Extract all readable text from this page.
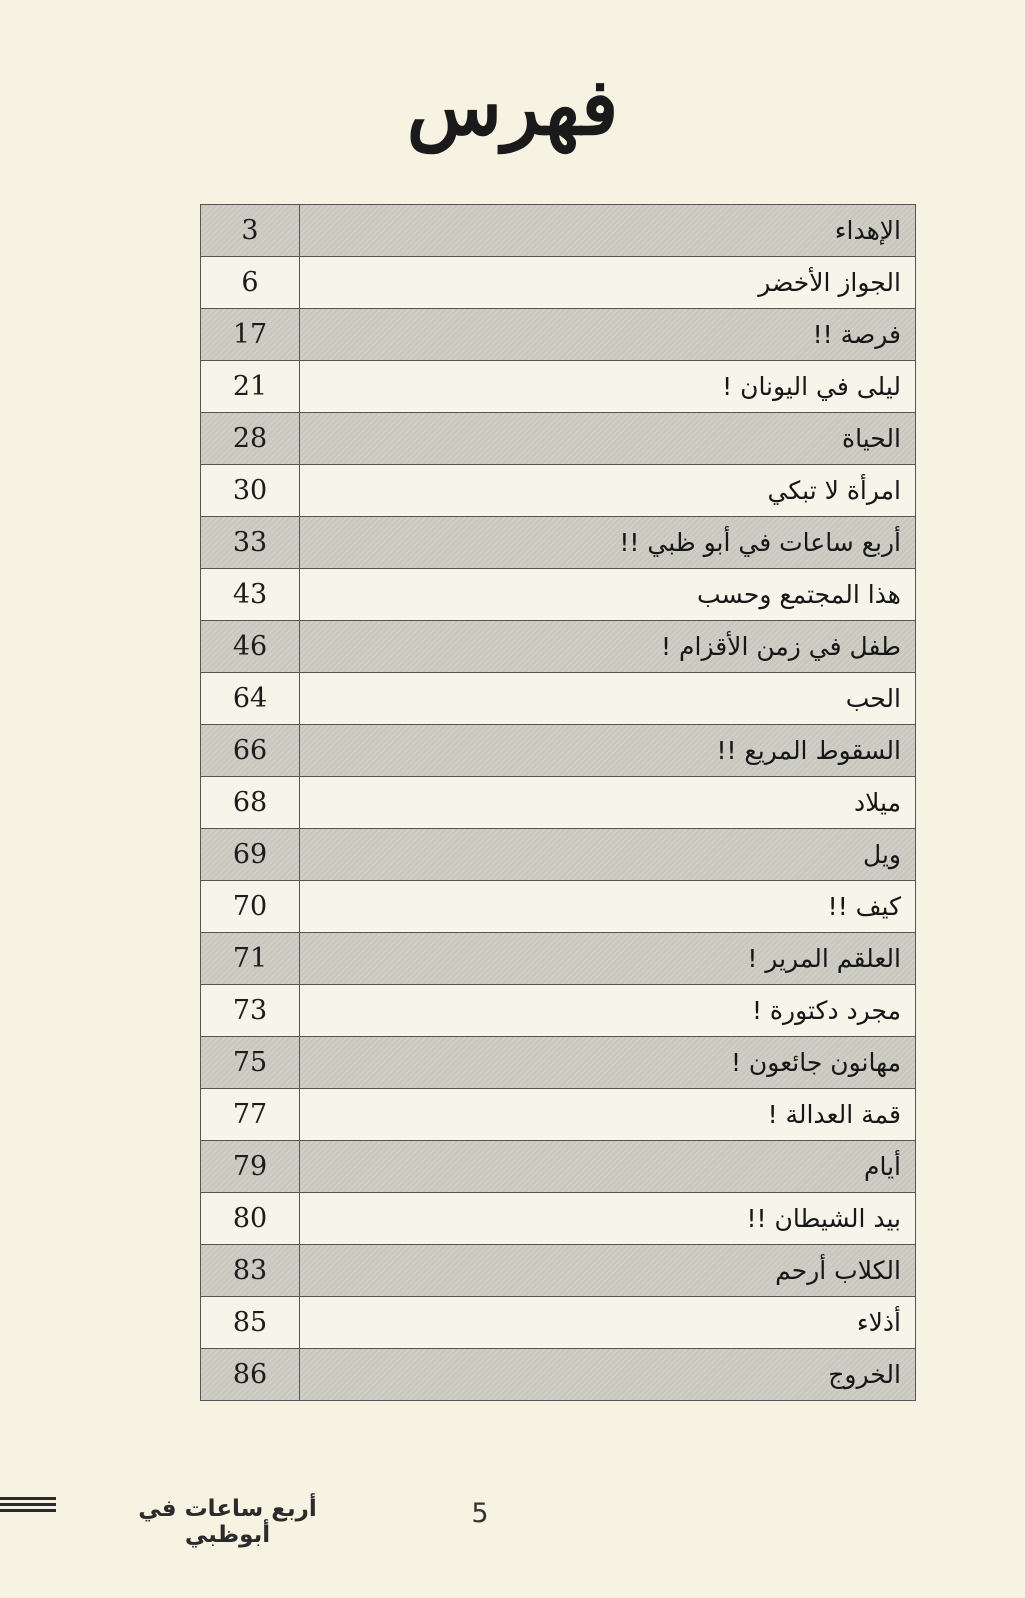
فهرس
3	الإهداء
6	الجواز الأخضر
17	فرصة !!
21	ليلى في اليونان !
28	الحياة
30	امرأة لا تبكي
33	أربع ساعات في أبو ظبي !!
43	هذا المجتمع وحسب
46	طفل في زمن الأقزام !
64	الحب
66	السقوط المريع !!
68	ميلاد
69	ويل
70	كيف !!
71	العلقم المرير !
73	مجرد دكتورة !
75	مهانون جائعون !
77	قمة العدالة !
79	أيام
80	بيد الشيطان !!
83	الكلاب أرحم
85	أذلاء
86	الخروج
أربع ساعات في أبوظبي
5
